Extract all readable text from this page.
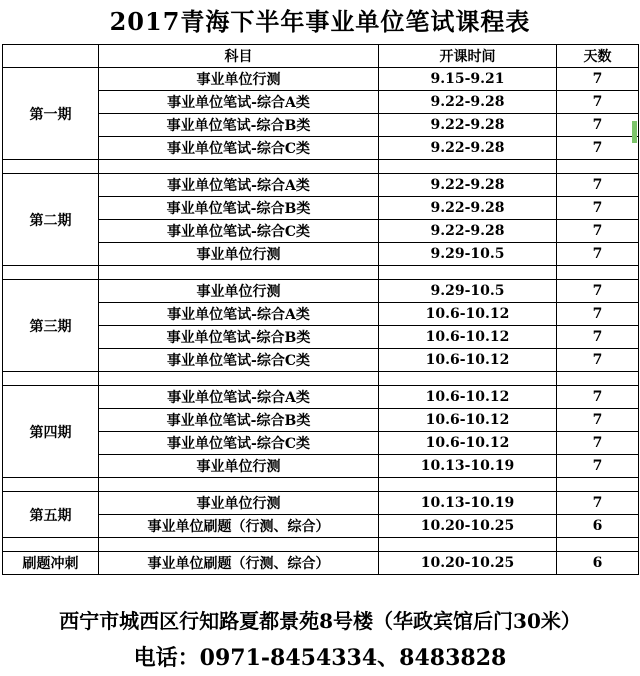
2017青海下半年事业单位笔试课程表
	科目	开课时间	天数
第一期	事业单位行测	9.15-9.21	7
	事业单位笔试-综合A类	9.22-9.28	7
	事业单位笔试-综合B类	9.22-9.28	7
	事业单位笔试-综合C类	9.22-9.28	7

第二期	事业单位笔试-综合A类	9.22-9.28	7
	事业单位笔试-综合B类	9.22-9.28	7
	事业单位笔试-综合C类	9.22-9.28	7
	事业单位行测	9.29-10.5	7

第三期	事业单位行测	9.29-10.5	7
	事业单位笔试-综合A类	10.6-10.12	7
	事业单位笔试-综合B类	10.6-10.12	7
	事业单位笔试-综合C类	10.6-10.12	7

第四期	事业单位笔试-综合A类	10.6-10.12	7
	事业单位笔试-综合B类	10.6-10.12	7
	事业单位笔试-综合C类	10.6-10.12	7
	事业单位行测	10.13-10.19	7

第五期	事业单位行测	10.13-10.19	7
	事业单位刷题（行测、综合）	10.20-10.25	6

刷题冲刺	事业单位刷题（行测、综合）	10.20-10.25	6
西宁市城西区行知路夏都景苑8号楼（华政宾馆后门30米）
电话：0971-8454334、8483828
